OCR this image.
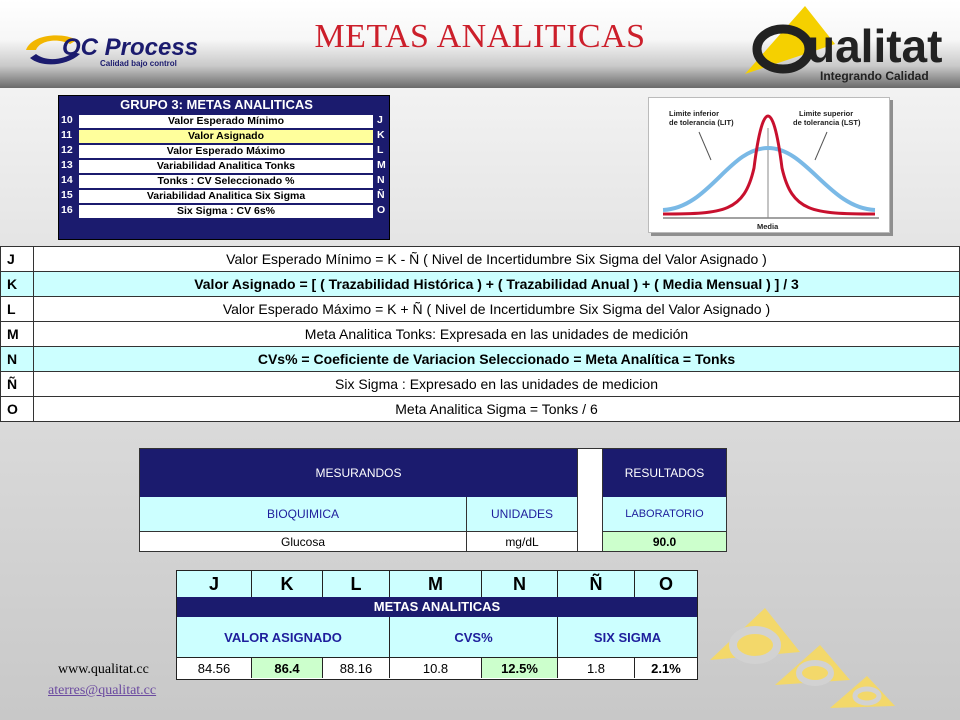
OC Process
Calidad bajo control
METAS ANALITICAS	ualitat
Integrando Calidad
GRUPO 3: METAS ANALITICAS
10	Valor Esperado Mínimo	J
11	Valor Asignado	K
12	Valor Esperado Máximo	L
13	Variabilidad Analitica Tonks	M
14	Tonks : CV Seleccionado %	N
15	Variabilidad Analitica Six Sigma	Ñ
16	Six Sigma : CV 6s%	O
Limite inferior de tolerancia (LIT)
Limite superior de tolerancia (LST)
Media
J	Valor Esperado Mínimo = K - Ñ ( Nivel de Incertidumbre Six Sigma del Valor Asignado )
K	Valor Asignado = [ ( Trazabilidad Histórica ) + ( Trazabilidad Anual ) + ( Media Mensual ) ] / 3
L	Valor Esperado Máximo = K + Ñ ( Nivel de Incertidumbre Six Sigma del Valor Asignado )
M	Meta Analitica Tonks: Expresada en las unidades de medición
N	CVs% = Coeficiente de Variacion Seleccionado = Meta Analítica = Tonks
Ñ	Six Sigma : Expresado en las unidades de medicion
O	Meta Analitica Sigma = Tonks / 6
MESURANDOS	RESULTADOS
BIOQUIMICA	UNIDADES	LABORATORIO
Glucosa	mg/dL	90.0
J	K	L	M	N	Ñ	O
METAS ANALITICAS
VALOR ASIGNADO	CVS%	SIX SIGMA
84.56	86.4	88.16	10.8	12.5%	1.8	2.1%
www.qualitat.cc
aterres@qualitat.cc
